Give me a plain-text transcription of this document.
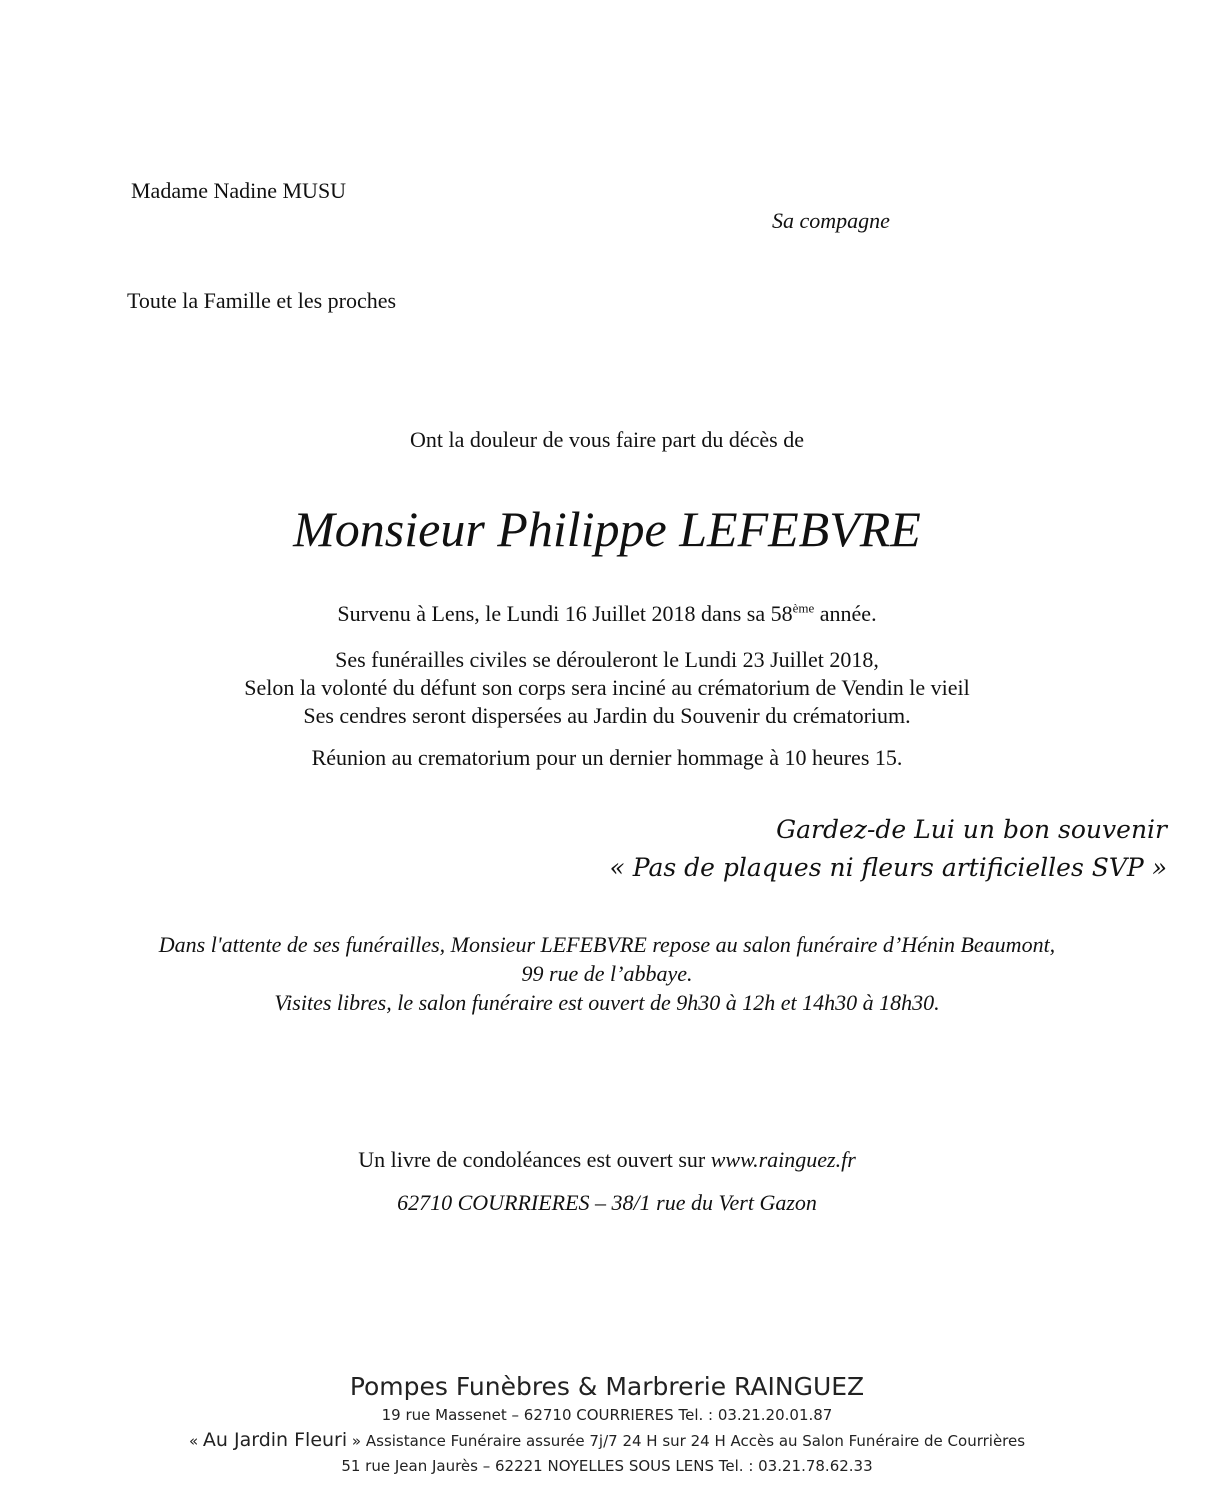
Madame Nadine MUSU
Sa compagne
Toute la Famille et les proches
Ont la douleur de vous faire part du décès de
Monsieur Philippe LEFEBVRE
Survenu à Lens, le Lundi 16 Juillet 2018 dans sa 58ème année.
Ses funérailles civiles se dérouleront le Lundi 23 Juillet 2018,
Selon la volonté du défunt son corps sera inciné au crématorium de Vendin le vieil
Ses cendres seront dispersées au Jardin du Souvenir du crématorium.
Réunion au crematorium pour un dernier hommage à 10 heures 15.
Gardez-de Lui un bon souvenir
« Pas de plaques ni fleurs artificielles SVP »
Dans l'attente de ses funérailles, Monsieur LEFEBVRE repose au salon funéraire d’Hénin Beaumont,
99 rue de l’abbaye.
Visites libres, le salon funéraire est ouvert de 9h30 à 12h et 14h30 à 18h30.
Un livre de condoléances est ouvert sur www.rainguez.fr
62710 COURRIERES – 38/1 rue du Vert Gazon
Pompes Funèbres & Marbrerie RAINGUEZ
19 rue Massenet – 62710 COURRIERES Tel. : 03.21.20.01.87
« Au Jardin Fleuri » Assistance Funéraire assurée 7j/7 24 H sur 24 H Accès au Salon Funéraire de Courrières
51 rue Jean Jaurès – 62221 NOYELLES SOUS LENS Tel. : 03.21.78.62.33
